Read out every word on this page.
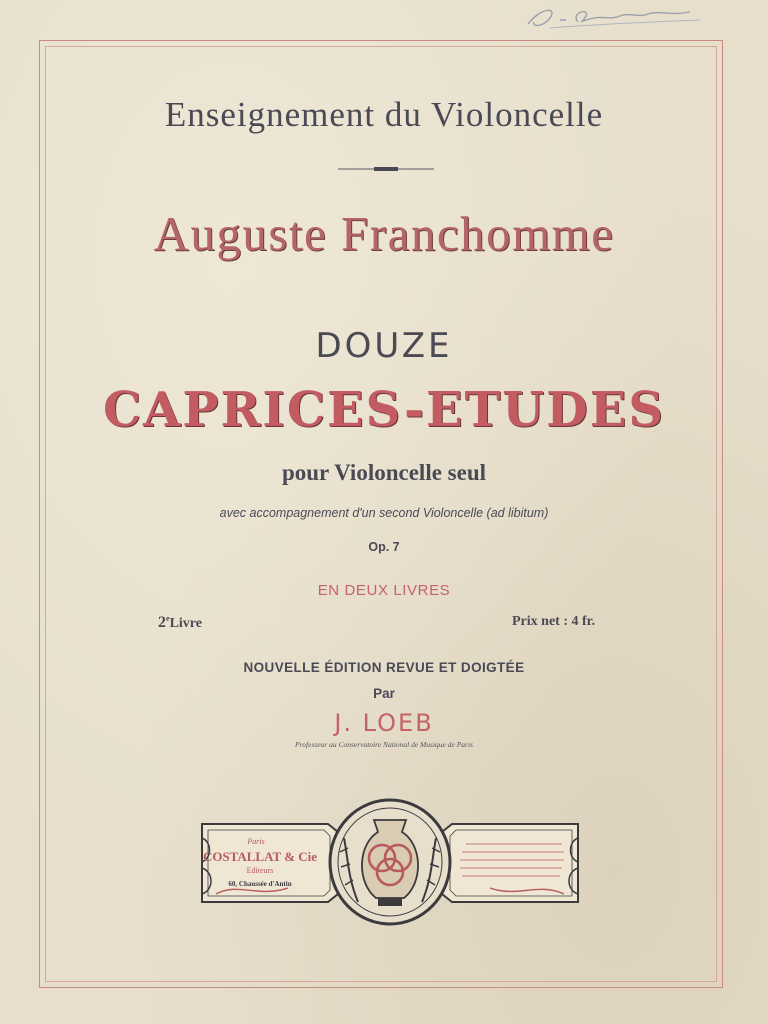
Enseignement du Violoncelle
Auguste Franchomme
DOUZE
CAPRICES-ETUDES
pour Violoncelle seul
avec accompagnement d'un second Violoncelle (ad libitum)
Op. 7
EN DEUX LIVRES
2eLivre	Prix net : 4 fr.
NOUVELLE ÉDITION REVUE ET DOIGTÉE
Par
J. LOEB
Professeur au Conservatoire National de Musique de Paris
Paris
COSTALLAT & Cie
Editeurs
60, Chaussée d'Antin
